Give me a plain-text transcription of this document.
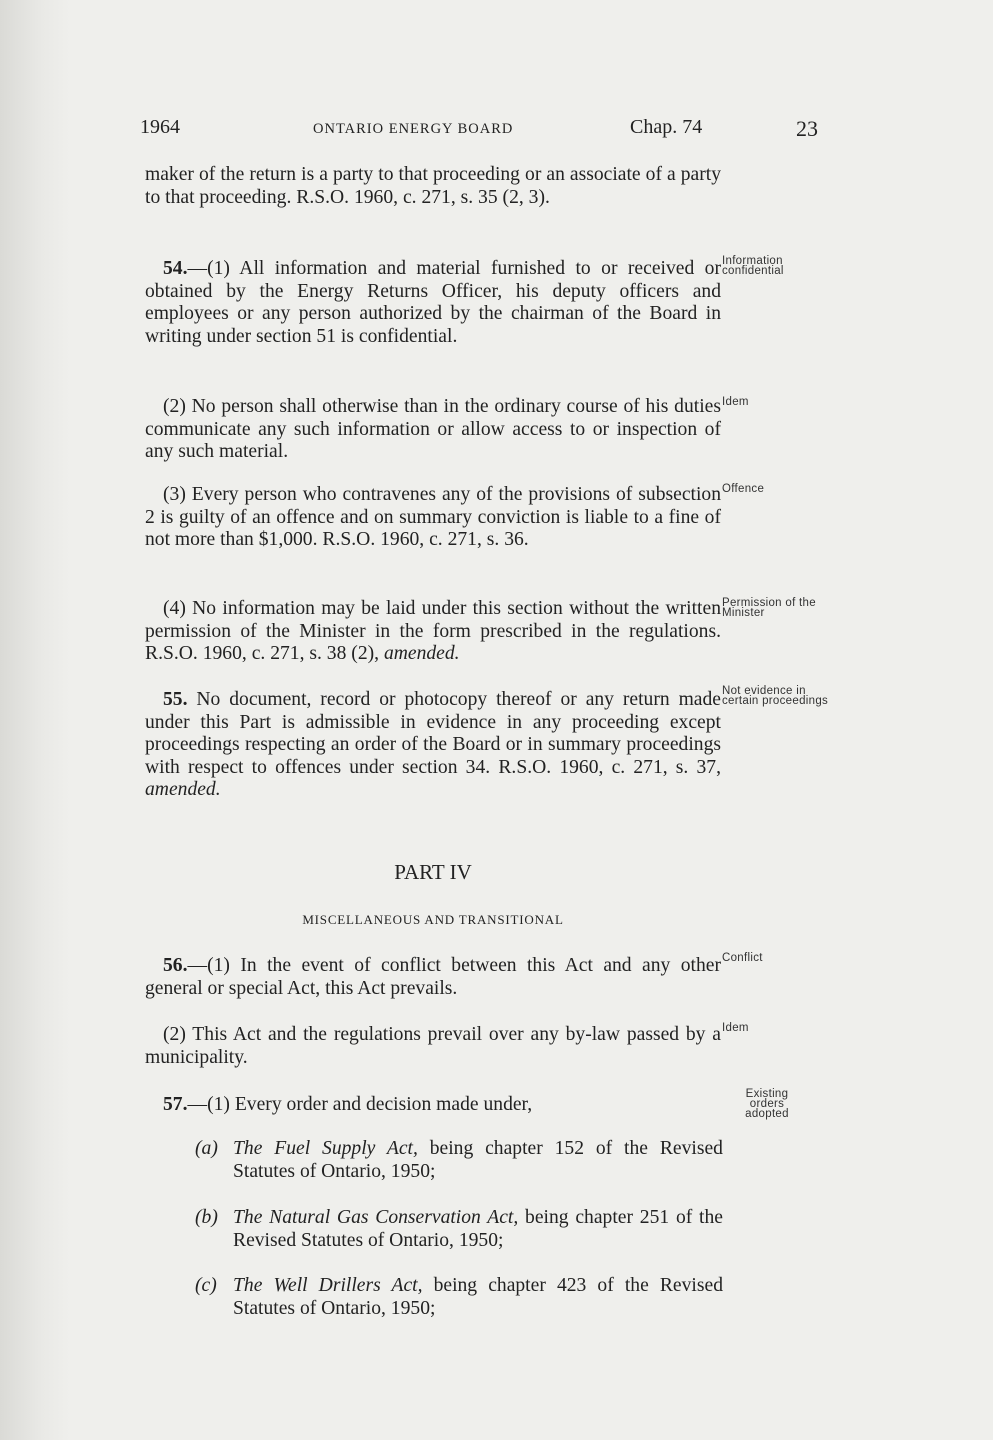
1964	ONTARIO ENERGY BOARD	Chap. 74	23
maker of the return is a party to that proceeding or an associate of a party to that proceeding. R.S.O. 1960, c. 271, s. 35 (2, 3).
54.—(1) All information and material furnished to or received or obtained by the Energy Returns Officer, his deputy officers and employees or any person authorized by the chairman of the Board in writing under section 51 is confidential.
Information confidential
(2) No person shall otherwise than in the ordinary course of his duties communicate any such information or allow access to or inspection of any such material.
Idem
(3) Every person who contravenes any of the provisions of subsection 2 is guilty of an offence and on summary conviction is liable to a fine of not more than $1,000. R.S.O. 1960, c. 271, s. 36.
Offence
(4) No information may be laid under this section without the written permission of the Minister in the form prescribed in the regulations. R.S.O. 1960, c. 271, s. 38 (2), amended.
Permission of the Minister
55. No document, record or photocopy thereof or any return made under this Part is admissible in evidence in any proceeding except proceedings respecting an order of the Board or in summary proceedings with respect to offences under section 34. R.S.O. 1960, c. 271, s. 37, amended.
Not evidence in certain proceedings
PART IV
MISCELLANEOUS AND TRANSITIONAL
56.—(1) In the event of conflict between this Act and any other general or special Act, this Act prevails.
Conflict
(2) This Act and the regulations prevail over any by-law passed by a municipality.
Idem
57.—(1) Every order and decision made under,	Existing orders adopted
(a) The Fuel Supply Act, being chapter 152 of the Revised Statutes of Ontario, 1950;
(b) The Natural Gas Conservation Act, being chapter 251 of the Revised Statutes of Ontario, 1950;
(c) The Well Drillers Act, being chapter 423 of the Revised Statutes of Ontario, 1950;
